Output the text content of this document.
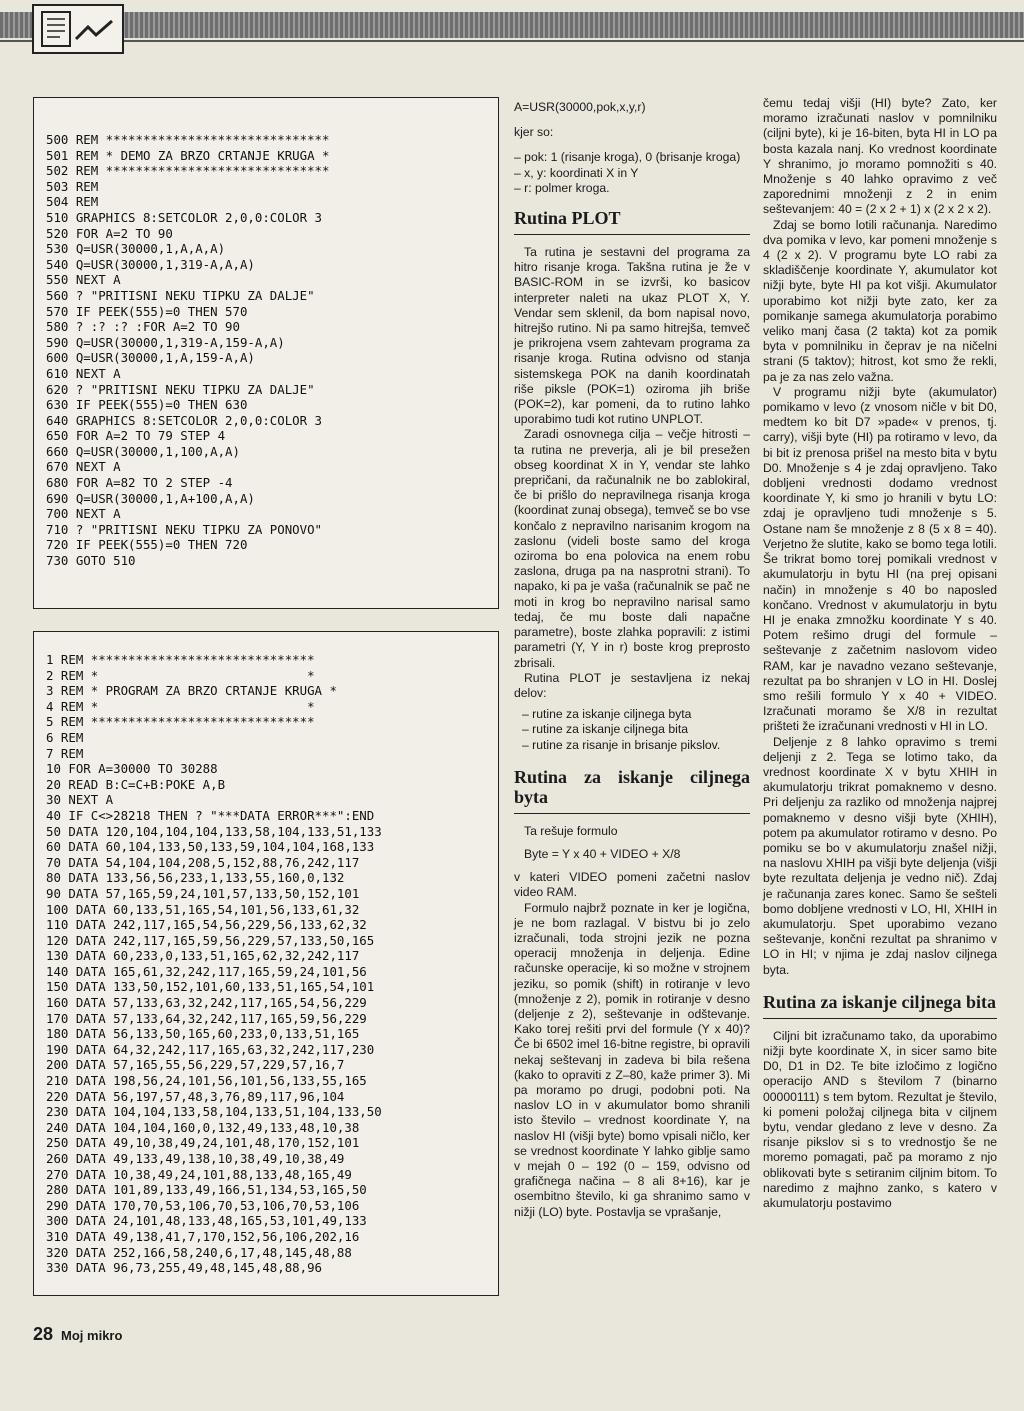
500 REM ******************************
501 REM * DEMO ZA BRZO CRTANJE KRUGA *
502 REM ******************************
503 REM
504 REM
510 GRAPHICS 8:SETCOLOR 2,0,0:COLOR 3
520 FOR A=2 TO 90
530 Q=USR(30000,1,A,A,A)
540 Q=USR(30000,1,319-A,A,A)
550 NEXT A
560 ? "PRITISNI NEKU TIPKU ZA DALJE"
570 IF PEEK(555)=0 THEN 570
580 ? :? :? :FOR A=2 TO 90
590 Q=USR(30000,1,319-A,159-A,A)
600 Q=USR(30000,1,A,159-A,A)
610 NEXT A
620 ? "PRITISNI NEKU TIPKU ZA DALJE"
630 IF PEEK(555)=0 THEN 630
640 GRAPHICS 8:SETCOLOR 2,0,0:COLOR 3
650 FOR A=2 TO 79 STEP 4
660 Q=USR(30000,1,100,A,A)
670 NEXT A
680 FOR A=82 TO 2 STEP -4
690 Q=USR(30000,1,A+100,A,A)
700 NEXT A
710 ? "PRITISNI NEKU TIPKU ZA PONOVO"
720 IF PEEK(555)=0 THEN 720
730 GOTO 510
1 REM ******************************
2 REM *                            *
3 REM * PROGRAM ZA BRZO CRTANJE KRUGA *
4 REM *                            *
5 REM ******************************
6 REM
7 REM
10 FOR A=30000 TO 30288
20 READ B:C=C+B:POKE A,B
30 NEXT A
40 IF C<>28218 THEN ? "***DATA ERROR***":END
50 DATA 120,104,104,104,133,58,104,133,51,133
60 DATA 60,104,133,50,133,59,104,104,168,133
70 DATA 54,104,104,208,5,152,88,76,242,117
80 DATA 133,56,56,233,1,133,55,160,0,132
90 DATA 57,165,59,24,101,57,133,50,152,101
100 DATA 60,133,51,165,54,101,56,133,61,32
110 DATA 242,117,165,54,56,229,56,133,62,32
120 DATA 242,117,165,59,56,229,57,133,50,165
130 DATA 60,233,0,133,51,165,62,32,242,117
140 DATA 165,61,32,242,117,165,59,24,101,56
150 DATA 133,50,152,101,60,133,51,165,54,101
160 DATA 57,133,63,32,242,117,165,54,56,229
170 DATA 57,133,64,32,242,117,165,59,56,229
180 DATA 56,133,50,165,60,233,0,133,51,165
190 DATA 64,32,242,117,165,63,32,242,117,230
200 DATA 57,165,55,56,229,57,229,57,16,7
210 DATA 198,56,24,101,56,101,56,133,55,165
220 DATA 56,197,57,48,3,76,89,117,96,104
230 DATA 104,104,133,58,104,133,51,104,133,50
240 DATA 104,104,160,0,132,49,133,48,10,38
250 DATA 49,10,38,49,24,101,48,170,152,101
260 DATA 49,133,49,138,10,38,49,10,38,49
270 DATA 10,38,49,24,101,88,133,48,165,49
280 DATA 101,89,133,49,166,51,134,53,165,50
290 DATA 170,70,53,106,70,53,106,70,53,106
300 DATA 24,101,48,133,48,165,53,101,49,133
310 DATA 49,138,41,7,170,152,56,106,202,16
320 DATA 252,166,58,240,6,17,48,145,48,88
330 DATA 96,73,255,49,48,145,48,88,96

A=USR(30000,pok,x,y,r)

kjer so:

– pok: 1 (risanje kroga), 0 (brisanje kroga)
– x, y: koordinati X in Y
– r: polmer kroga.
Rutina PLOT

Ta rutina je sestavni del programa za hitro risanje kroga. Takšna rutina je že v BASIC-ROM in se izvrši, ko basicov interpreter naleti na ukaz PLOT X, Y. Vendar sem sklenil, da bom napisal novo, hitrejšo rutino. Ni pa samo hitrejša, temveč je prikrojena vsem zahtevam programa za risanje kroga. Rutina odvisno od stanja sistemskega POK na danih koordinatah riše piksle (POK=1) oziroma jih briše (POK=2), kar pomeni, da to rutino lahko uporabimo tudi kot rutino UNPLOT.

Zaradi osnovnega cilja – večje hitrosti – ta rutina ne preverja, ali je bil presežen obseg koordinat X in Y, vendar ste lahko prepričani, da računalnik ne bo zablokiral, če bi prišlo do nepravilnega risanja kroga (koordinat zunaj obsega), temveč se bo vse končalo z nepravilno narisanim krogom na zaslonu (videli boste samo del kroga oziroma bo ena polovica na enem robu zaslona, druga pa na nasprotni strani). To napako, ki pa je vaša (računalnik se pač ne moti in krog bo nepravilno narisal samo tedaj, če mu boste dali napačne parametre), boste zlahka popravili: z istimi parametri (Y, Y in r) boste krog preprosto zbrisali.

Rutina PLOT je sestavljena iz nekaj delov:

– rutine za iskanje ciljnega byta
– rutine za iskanje ciljnega bita
– rutine za risanje in brisanje pikslov.
Rutina za iskanje ciljnega byta

Ta rešuje formulo

Byte = Y x 40 + VIDEO + X/8

v kateri VIDEO pomeni začetni naslov video RAM.

Formulo najbrž poznate in ker je logična, je ne bom razlagal. V bistvu bi jo zelo izračunali, toda strojni jezik ne pozna operacij množenja in deljenja. Edine računske operacije, ki so možne v strojnem jeziku, so pomik (shift) in rotiranje v levo (množenje z 2), pomik in rotiranje v desno (deljenje z 2), seštevanje in odštevanje. Kako torej rešiti prvi del formule (Y x 40)? Če bi 6502 imel 16-bitne registre, bi opravili nekaj seštevanj in zadeva bi bila rešena (kako to opraviti z Z–80, kaže primer 3). Mi pa moramo po drugi, podobni poti. Na naslov LO in v akumulator bomo shranili isto število – vrednost koordinate Y, na naslov HI (višji byte) bomo vpisali ničlo, ker se vrednost koordinate Y lahko giblje samo v mejah 0 – 192 (0 – 159, odvisno od grafičnega načina – 8 ali 8+16), kar je osembitno število, ki ga shranimo samo v nižji (LO) byte. Postavlja se vprašanje,

čemu tedaj višji (HI) byte? Zato, ker moramo izračunati naslov v pomnilniku (ciljni byte), ki je 16-biten, byta HI in LO pa bosta kazala nanj. Ko vrednost koordinate Y shranimo, jo moramo pomnožiti s 40. Množenje s 40 lahko opravimo z več zaporednimi množenji z 2 in enim seštevanjem: 40 = (2 x 2 + 1) x (2 x 2 x 2).

Zdaj se bomo lotili računanja. Naredimo dva pomika v levo, kar pomeni množenje s 4 (2 x 2). V programu byte LO rabi za skladiščenje koordinate Y, akumulator kot nižji byte, byte HI pa kot višji. Akumulator uporabimo kot nižji byte zato, ker za pomikanje samega akumulatorja porabimo veliko manj časa (2 takta) kot za pomik byta v pomnilniku in čeprav je na ničelni strani (5 taktov); hitrost, kot smo že rekli, pa je za nas zelo važna.

V programu nižji byte (akumulator) pomikamo v levo (z vnosom ničle v bit D0, medtem ko bit D7 »pade« v prenos, tj. carry), višji byte (HI) pa rotiramo v levo, da bi bit iz prenosa prišel na mesto bita v bytu D0. Množenje s 4 je zdaj opravljeno. Tako dobljeni vrednosti dodamo vrednost koordinate Y, ki smo jo hranili v bytu LO: zdaj je opravljeno tudi množenje s 5. Ostane nam še množenje z 8 (5 x 8 = 40). Verjetno že slutite, kako se bomo tega lotili. Še trikrat bomo torej pomikali vrednost v akumulatorju in bytu HI (na prej opisani način) in množenje s 40 bo naposled končano. Vrednost v akumulatorju in bytu HI je enaka zmnožku koordinate Y s 40. Potem rešimo drugi del formule – seštevanje z začetnim naslovom video RAM, kar je navadno vezano seštevanje, rezultat pa bo shranjen v LO in HI. Doslej smo rešili formulo Y x 40 + VIDEO. Izračunati moramo še X/8 in rezultat prišteti že izračunani vrednosti v HI in LO.

Deljenje z 8 lahko opravimo s tremi deljenji z 2. Tega se lotimo tako, da vrednost koordinate X v bytu XHIH in akumulatorju trikrat pomaknemo v desno. Pri deljenju za razliko od množenja najprej pomaknemo v desno višji byte (XHIH), potem pa akumulator rotiramo v desno. Po pomiku se bo v akumulatorju znašel nižji, na naslovu XHIH pa višji byte deljenja (višji byte rezultata deljenja je vedno nič). Zdaj je računanja zares konec. Samo še sešteli bomo dobljene vrednosti v LO, HI, XHIH in akumulatorju. Spet uporabimo vezano seštevanje, končni rezultat pa shranimo v LO in HI; v njima je zdaj naslov ciljnega byta.

Rutina za iskanje ciljnega bita

Ciljni bit izračunamo tako, da uporabimo nižji byte koordinate X, in sicer samo bite D0, D1 in D2. Te bite izločimo z logično operacijo AND s številom 7 (binarno 00000111) s tem bytom. Rezultat je število, ki pomeni položaj ciljnega bita v ciljnem bytu, vendar gledano z leve v desno. Za risanje pikslov si s to vrednostjo še ne moremo pomagati, pač pa moramo z njo oblikovati byte s setiranim ciljnim bitom. To naredimo z majhno zanko, s katero v akumulatorju postavimo

28 Moj mikro
